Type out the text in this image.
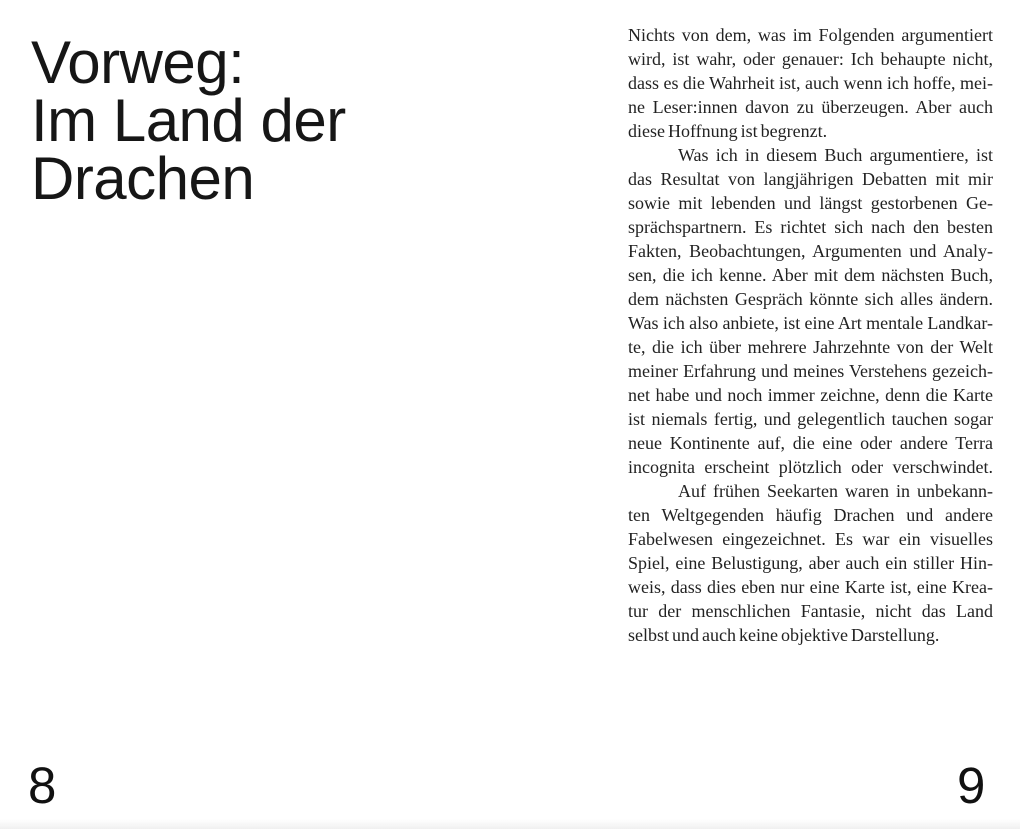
Vorweg:
Im Land der
Drachen
8
Nichts von dem, was im Folgenden argumentiert
wird, ist wahr, oder genauer: Ich behaupte nicht,
dass es die Wahrheit ist, auch wenn ich hoffe, mei-
ne Leser:innen davon zu überzeugen. Aber auch
diese Hoffnung ist begrenzt.
Was ich in diesem Buch argumentiere, ist
das Resultat von langjährigen Debatten mit mir
sowie mit lebenden und längst gestorbenen Ge-
sprächspartnern. Es richtet sich nach den besten
Fakten, Beobachtungen, Argumenten und Analy-
sen, die ich kenne. Aber mit dem nächsten Buch,
dem nächsten Gespräch könnte sich alles ändern.
Was ich also anbiete, ist eine Art mentale Landkar-
te, die ich über mehrere Jahrzehnte von der Welt
meiner Erfahrung und meines Verstehens gezeich-
net habe und noch immer zeichne, denn die Karte
ist niemals fertig, und gelegentlich tauchen sogar
neue Kontinente auf, die eine oder andere Terra
incognita erscheint plötzlich oder verschwindet.
Auf frühen Seekarten waren in unbekann-
ten Weltgegenden häufig Drachen und andere
Fabelwesen eingezeichnet. Es war ein visuelles
Spiel, eine Belustigung, aber auch ein stiller Hin-
weis, dass dies eben nur eine Karte ist, eine Krea-
tur der menschlichen Fantasie, nicht das Land
selbst und auch keine objektive Darstellung.
9
